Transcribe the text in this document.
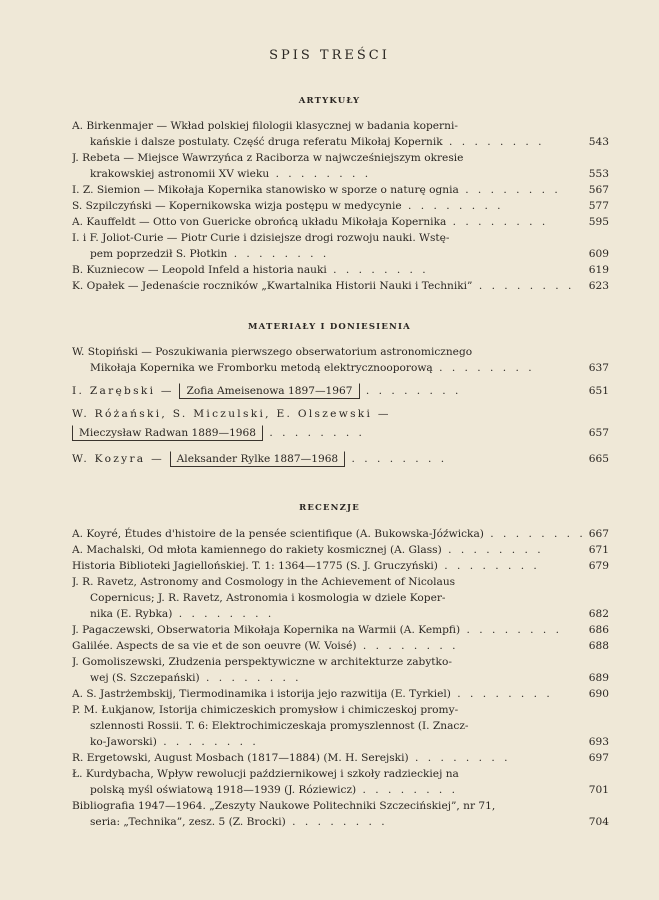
SPIS TREŚCI
ARTYKUŁY
A. Birkenmajer — Wkład polskiej filologii klasycznej w badania koperni-
kańskie i dalsze postulaty. Część druga referatu Mikołaj Kopernik . . . . . . . .	543
J. Rebeta — Miejsce Wawrzyńca z Raciborza w najwcześniejszym okresie
krakowskiej astronomii XV wieku . . . . . . . .	553
I. Z. Siemion — Mikołaja Kopernika stanowisko w sporze o naturę ognia . . . . . . . .	567
S. Szpilczyński — Kopernikowska wizja postępu w medycynie . . . . . . . .	577
A. Kauffeldt — Otto von Guericke obrońcą układu Mikołaja Kopernika . . . . . . . .	595
I. i F. Joliot-Curie — Piotr Curie i dzisiejsze drogi rozwoju nauki. Wstę-
pem poprzedził S. Płotkin . . . . . . . .	609
B. Kuzniecow — Leopold Infeld a historia nauki . . . . . . . .	619
K. Opałek — Jedenaście roczników „Kwartalnika Historii Nauki i Techniki” . . . . . . . . 623
MATERIAŁY I DONIESIENIA
W. Stopiński — Poszukiwania pierwszego obserwatorium astronomicznego
Mikołaja Kopernika we Fromborku metodą elektrycznooporową . . . . . . . .	637
I. Zarębski — Zofia Ameisenowa 1897—1967 . . . . . . . .	651
W. Różański, S. Miczulski, E. Olszewski —
Mieczysław Radwan 1889—1968 . . . . . . . .	657
W. Kozyra — Aleksander Rylke 1887—1968 . . . . . . . .	665
RECENZJE
A. Koyré, Études d'histoire de la pensée scientifique (A. Bukowska-Jóźwicka) . . . . . . . . 667
A. Machalski, Od młota kamiennego do rakiety kosmicznej (A. Glass) . . . . . . . .	671
Historia Biblioteki Jagiellońskiej. T. 1: 1364—1775 (S. J. Gruczyński) . . . . . . . .	679
J. R. Ravetz, Astronomy and Cosmology in the Achievement of Nicolaus
Copernicus; J. R. Ravetz, Astronomia i kosmologia w dziele Koper-
nika (E. Rybka) . . . . . . . .	682
J. Pagaczewski, Obserwatoria Mikołaja Kopernika na Warmii (A. Kempfi) . . . . . . . .	686
Galilée. Aspects de sa vie et de son oeuvre (W. Voisé) . . . . . . . .	688
J. Gomoliszewski, Złudzenia perspektywiczne w architekturze zabytko-
wej (S. Szczepański) . . . . . . . .	689
A. S. Jastrżembskij, Tiermodinamika i istorija jejo razwitija (E. Tyrkiel) . . . . . . . .	690
P. M. Łukjanow, Istorija chimiczeskich promysłow i chimiczeskoj promy-
szlennosti Rossii. T. 6: Elektrochimiczeskaja promyszlennost (I. Znacz-
ko-Jaworski) . . . . . . . .	693
R. Ergetowski, August Mosbach (1817—1884) (M. H. Serejski) . . . . . . . .	697
Ł. Kurdybacha, Wpływ rewolucji październikowej i szkoły radzieckiej na
polską myśl oświatową 1918—1939 (J. Róziewicz) . . . . . . . .	701
Bibliografia 1947—1964. „Zeszyty Naukowe Politechniki Szczecińskiej”, nr 71,
seria: „Technika”, zesz. 5 (Z. Brocki) . . . . . . . .	704
